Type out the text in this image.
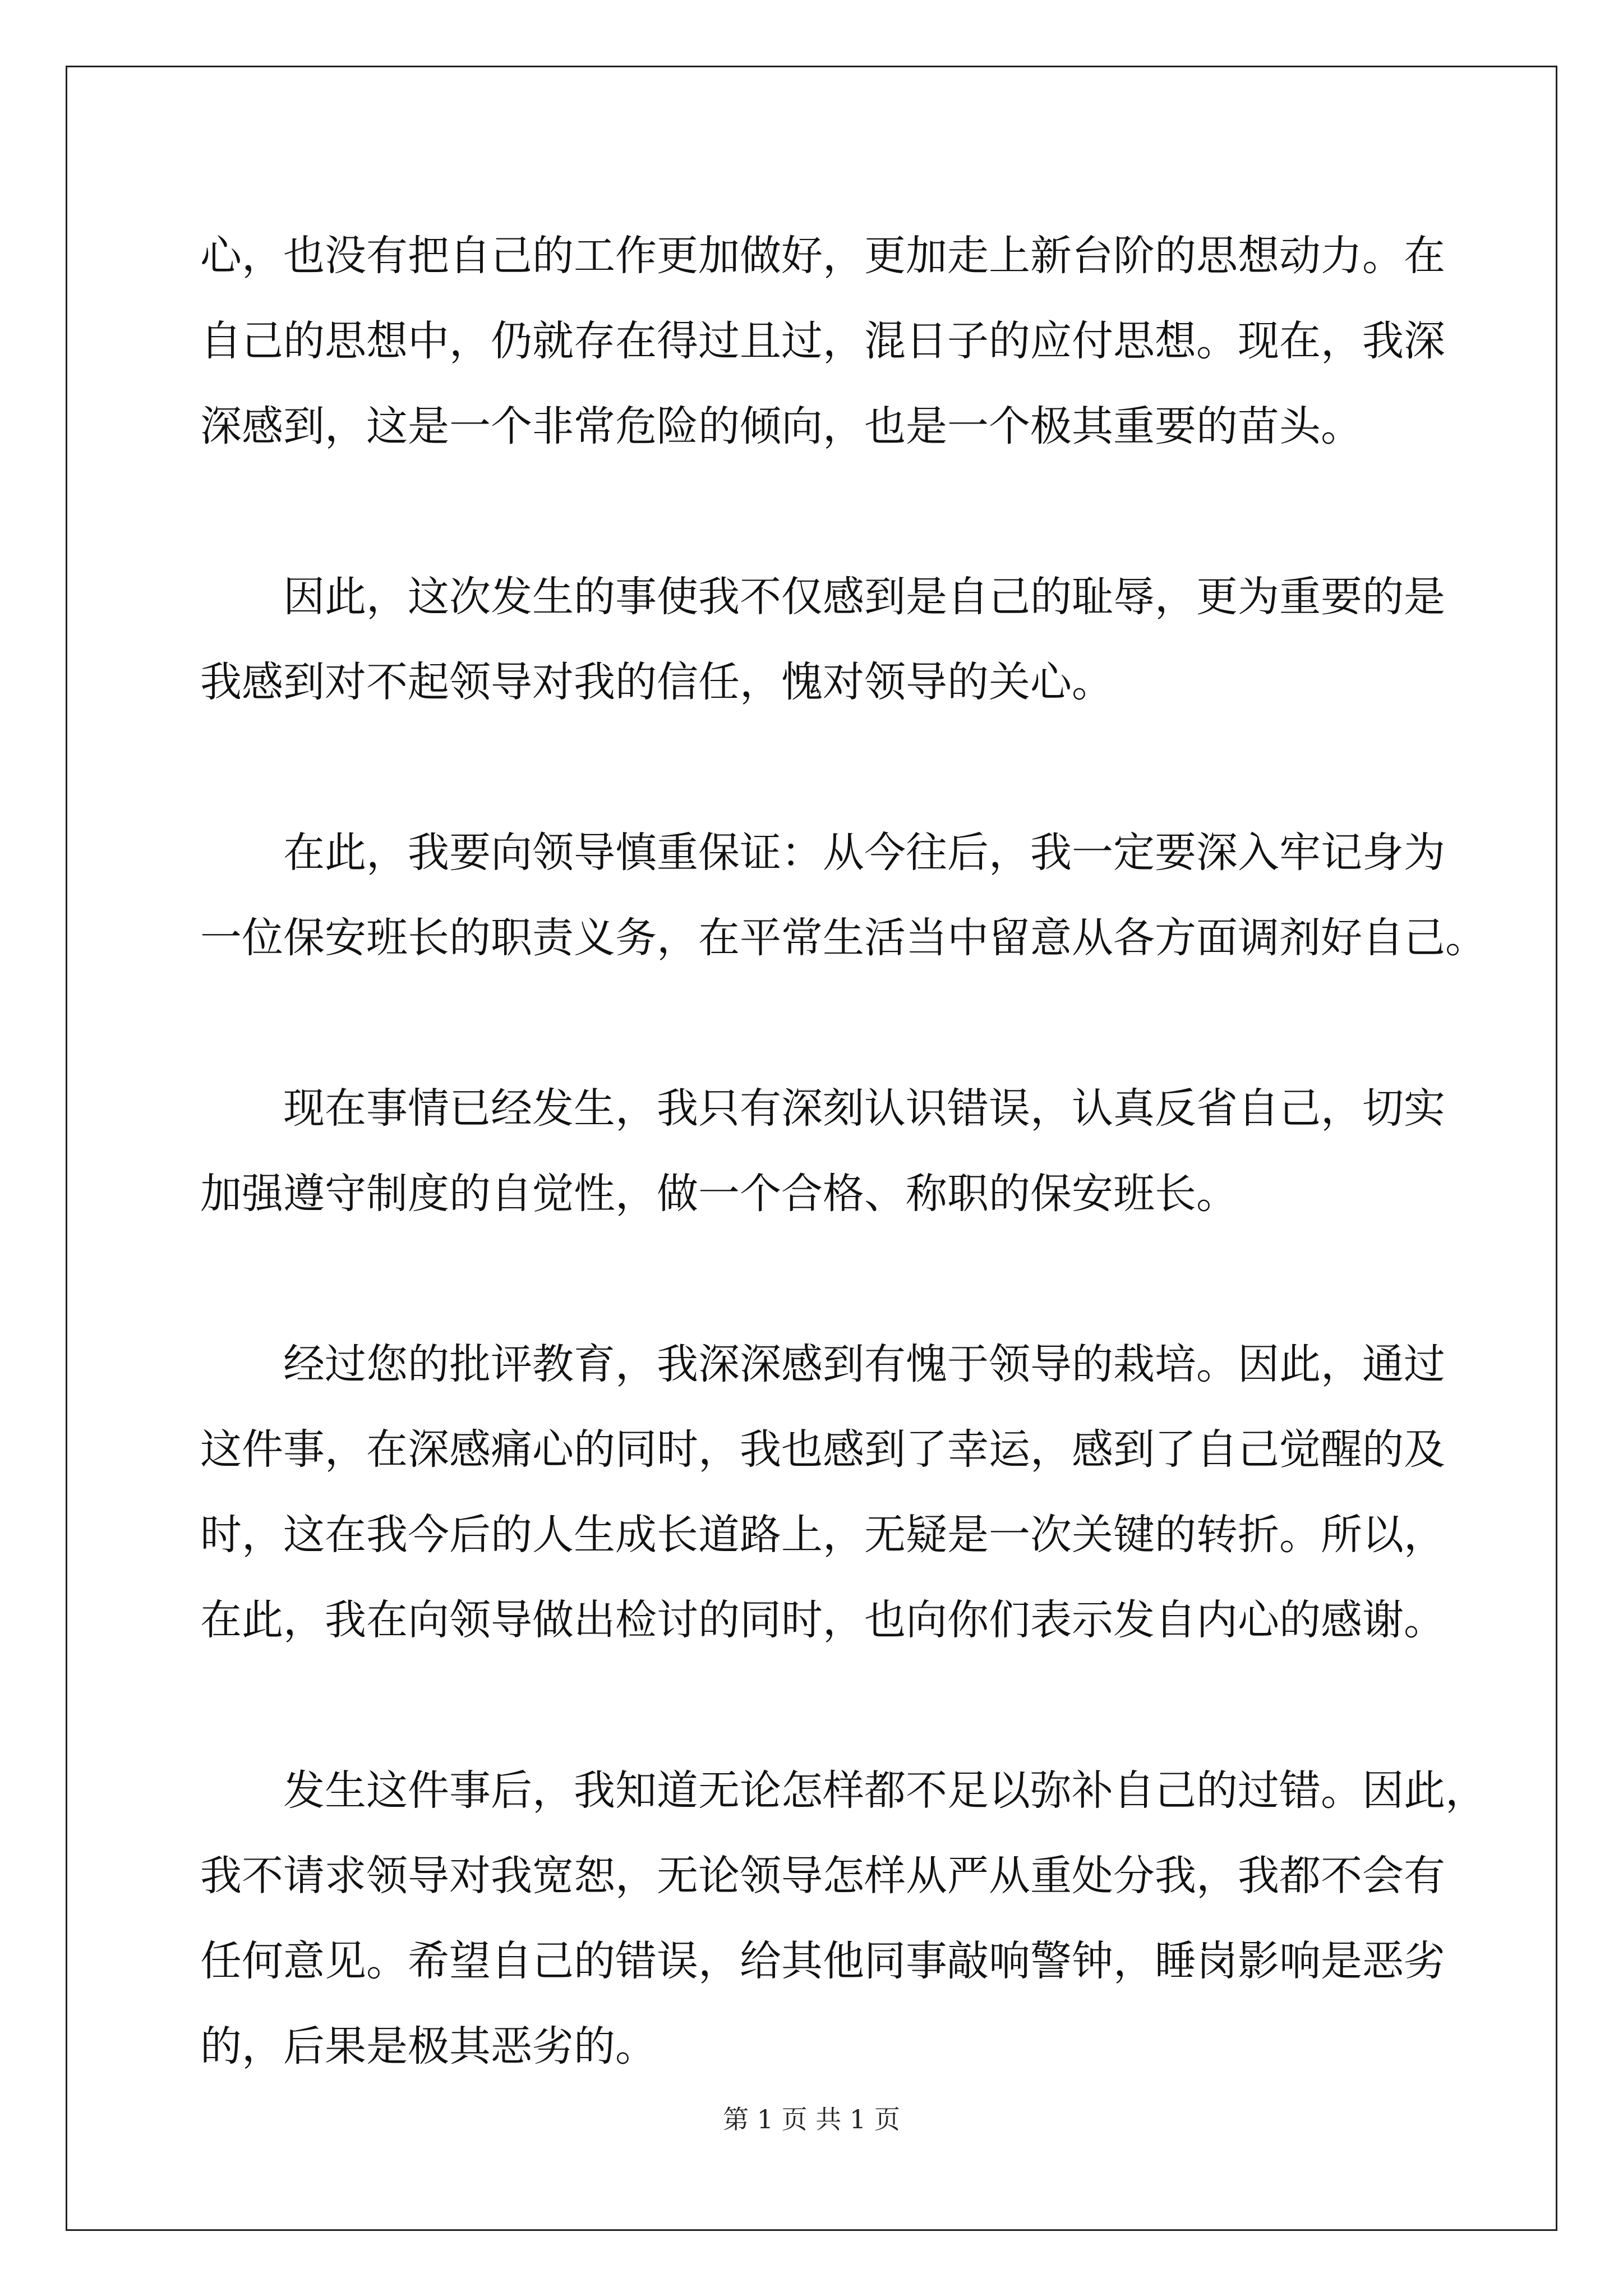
心，也没有把自己的工作更加做好，更加走上新台阶的思想动力。在
自己的思想中，仍就存在得过且过，混日子的应付思想。现在，我深
深感到，这是一个非常危险的倾向，也是一个极其重要的苗头。
因此，这次发生的事使我不仅感到是自己的耻辱，更为重要的是
我感到对不起领导对我的信任，愧对领导的关心。
在此，我要向领导慎重保证：从今往后，我一定要深入牢记身为
一位保安班长的职责义务，在平常生活当中留意从各方面调剂好自己。
现在事情已经发生，我只有深刻认识错误，认真反省自己，切实
加强遵守制度的自觉性，做一个合格、称职的保安班长。
经过您的批评教育，我深深感到有愧于领导的栽培。因此，通过
这件事，在深感痛心的同时，我也感到了幸运，感到了自己觉醒的及
时，这在我今后的人生成长道路上，无疑是一次关键的转折。所以，
在此，我在向领导做出检讨的同时，也向你们表示发自内心的感谢。
发生这件事后，我知道无论怎样都不足以弥补自己的过错。因此，
我不请求领导对我宽恕，无论领导怎样从严从重处分我，我都不会有
任何意见。希望自己的错误，给其他同事敲响警钟，睡岗影响是恶劣
的，后果是极其恶劣的。
第 1 页 共 1 页
